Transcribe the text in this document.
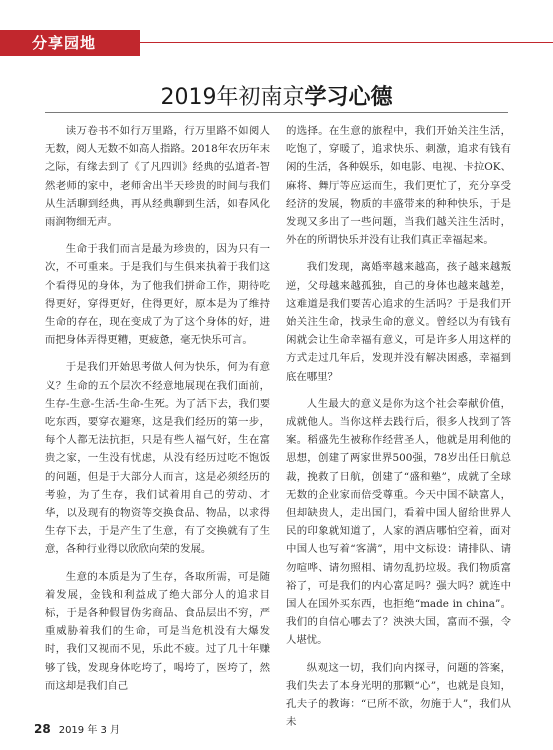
分享园地
2019年初南京学习心德

读万卷书不如行万里路，行万里路不如阅人无数，阅人无数不如高人指路。2018年农历年末之际，有缘去到了《了凡四训》经典的弘道者-智然老师的家中，老师舍出半天珍贵的时间与我们从生活聊到经典，再从经典聊到生活，如春风化雨润物细无声。

生命于我们而言是最为珍贵的，因为只有一次，不可重来。于是我们与生俱来执着于我们这个看得见的身体，为了他我们拼命工作，期待吃得更好，穿得更好，住得更好，原本是为了维持生命的存在，现在变成了为了这个身体的好，进而把身体弄得更糟，更疲惫，毫无快乐可言。

于是我们开始思考做人何为快乐，何为有意义？生命的五个层次不经意地展现在我们面前，生存-生意-生活-生命-生死。为了活下去，我们要吃东西，要穿衣避寒，这是我们经历的第一步，每个人都无法抗拒，只是有些人福气好，生在富贵之家，一生没有忧虑，从没有经历过吃不饱饭的问题，但是于大部分人而言，这是必须经历的考验，为了生存，我们试着用自己的劳动、才华，以及现有的物资等交换食品、物品，以求得生存下去，于是产生了生意，有了交换就有了生意，各种行业得以欣欣向荣的发展。

生意的本质是为了生存，各取所需，可是随着发展，金钱和利益成了绝大部分人的追求目标，于是各种假冒伪劣商品、食品层出不穷，严重威胁着我们的生命，可是当危机没有大爆发时，我们又视而不见，乐此不疲。过了几十年赚够了钱，发现身体吃垮了，喝垮了，医垮了，然而这却是我们自己

的选择。在生意的旅程中，我们开始关注生活，吃饱了，穿暖了，追求快乐、刺激，追求有钱有闲的生活，各种娱乐，如电影、电视、卡拉OK、麻将、舞厅等应运而生，我们更忙了，充分享受经济的发展，物质的丰盛带来的种种快乐，于是发现又多出了一些问题，当我们越关注生活时，外在的所谓快乐并没有让我们真正幸福起来。

我们发现，离婚率越来越高，孩子越来越叛逆，父母越来越孤独，自己的身体也越来越差，这难道是我们要苦心追求的生活吗？于是我们开始关注生命，找录生命的意义。曾经以为有钱有闲就会让生命幸福有意义，可是许多人用这样的方式走过几年后，发现并没有解决困惑，幸福到底在哪里？

人生最大的意义是你为这个社会奉献价值，成就他人。当你这样去践行后，很多人找到了答案。稻盛先生被称作经营圣人，他就是用利他的思想，创建了两家世界500强，78岁出任日航总裁，挽救了日航，创建了“盛和塾”，成就了全球无数的企业家而倍受尊重。今天中国不缺富人，但却缺贵人，走出国门，看着中国人留给世界人民的印象就知道了，人家的酒店哪怕空着，面对中国人也写着“客满”，用中文标设：请排队、请勿喧哗、请勿照相、请勿乱扔垃圾。我们物质富裕了，可是我们的内心富足吗？强大吗？就连中国人在国外买东西，也拒绝“made in china”。我们的自信心哪去了？泱泱大国，富而不强，令人堪忧。

纵观这一切，我们向内探寻，问题的答案，我们失去了本身光明的那颗“心”，也就是良知，孔夫子的教诲：“已所不欲，勿施于人”，我们从未

28 2019 年 3 月
